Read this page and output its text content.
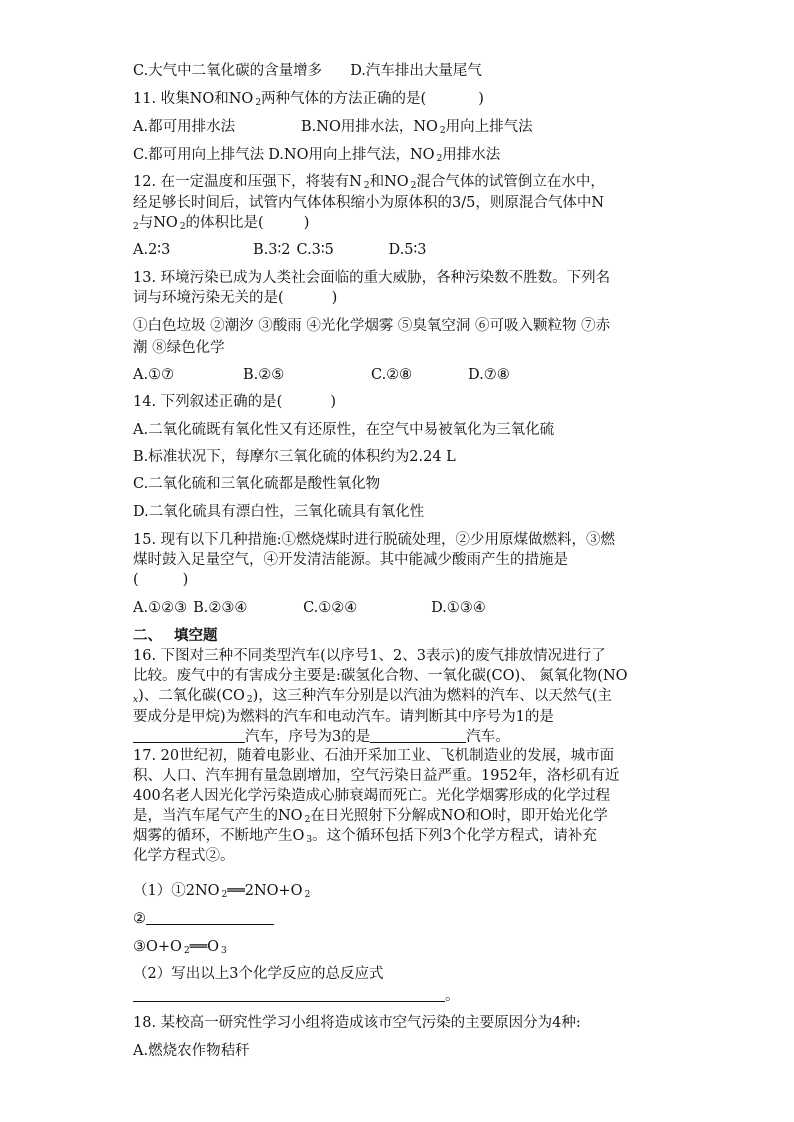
C.大气中二氧化碳的含量增多 D.汽车排出大量尾气
11. 收集NO和NO $_2$两种气体的方法正确的是(	)
A.都可用排水法	B.NO用排水法，NO $_2$用向上排气法
C.都可用向上排气法 D.NO用向上排气法，NO $_2$用排水法
12. 在一定温度和压强下，将装有N $_2$和NO $_2$混合气体的试管倒立在水中，
经足够长时间后，试管内气体体积缩小为原体积的3/5，则原混合气体中N
$_2$与NO $_2$的体积比是(	)
A.2∶3	B.3∶2 C.3∶5	D.5∶3
13. 环境污染已成为人类社会面临的重大威胁，各种污染数不胜数。下列名
词与环境污染无关的是(	)
①白色垃圾 ②潮汐 ③酸雨 ④光化学烟雾 ⑤臭氧空洞 ⑥可吸入颗粒物 ⑦赤
潮 ⑧绿色化学
A.①⑦	B.②⑤	C.②⑧	D.⑦⑧
14. 下列叙述正确的是(	)
A.二氧化硫既有氧化性又有还原性，在空气中易被氧化为三氧化硫
B.标准状况下，每摩尔三氧化硫的体积约为2.24 L
C.二氧化硫和三氧化硫都是酸性氧化物
D.二氧化硫具有漂白性，三氧化硫具有氧化性
15. 现有以下几种措施:①燃烧煤时进行脱硫处理，②少用原煤做燃料，③燃
煤时鼓入足量空气，④开发清洁能源。其中能减少酸雨产生的措施是
(	)
A.①②③ B.②③④	C.①②④	D.①③④
二、 填空题
16. 下图对三种不同类型汽车(以序号1、2、3表示)的废气排放情况进行了
比较。废气中的有害成分主要是:碳氢化合物、一氧化碳(CO)、 氮氧化物(NO
$_x$)、二氧化碳(CO $_2$)，这三种汽车分别是以汽油为燃料的汽车、以天然气(主
要成分是甲烷)为燃料的汽车和电动汽车。请判断其中序号为1的是
汽车，序号为3的是	汽车。
17. 20世纪初，随着电影业、石油开采加工业、飞机制造业的发展，城市面
积、人口、汽车拥有量急剧增加，空气污染日益严重。1952年，洛杉矶有近
400名老人因光化学污染造成心肺衰竭而死亡。光化学烟雾形成的化学过程
是，当汽车尾气产生的NO $_2$在日光照射下分解成NO和O时，即开始光化学
烟雾的循环，不断地产生O $_3$。这个循环包括下列3个化学方程式，请补充
化学方程式②。
（1）①2NO $_2$══2NO+O $_2$
②
③O+O $_2$══O $_3$
（2）写出以上3个化学反应的总反应式
。
18. 某校高一研究性学习小组将造成该市空气污染的主要原因分为4种:
A.燃烧农作物秸秆
